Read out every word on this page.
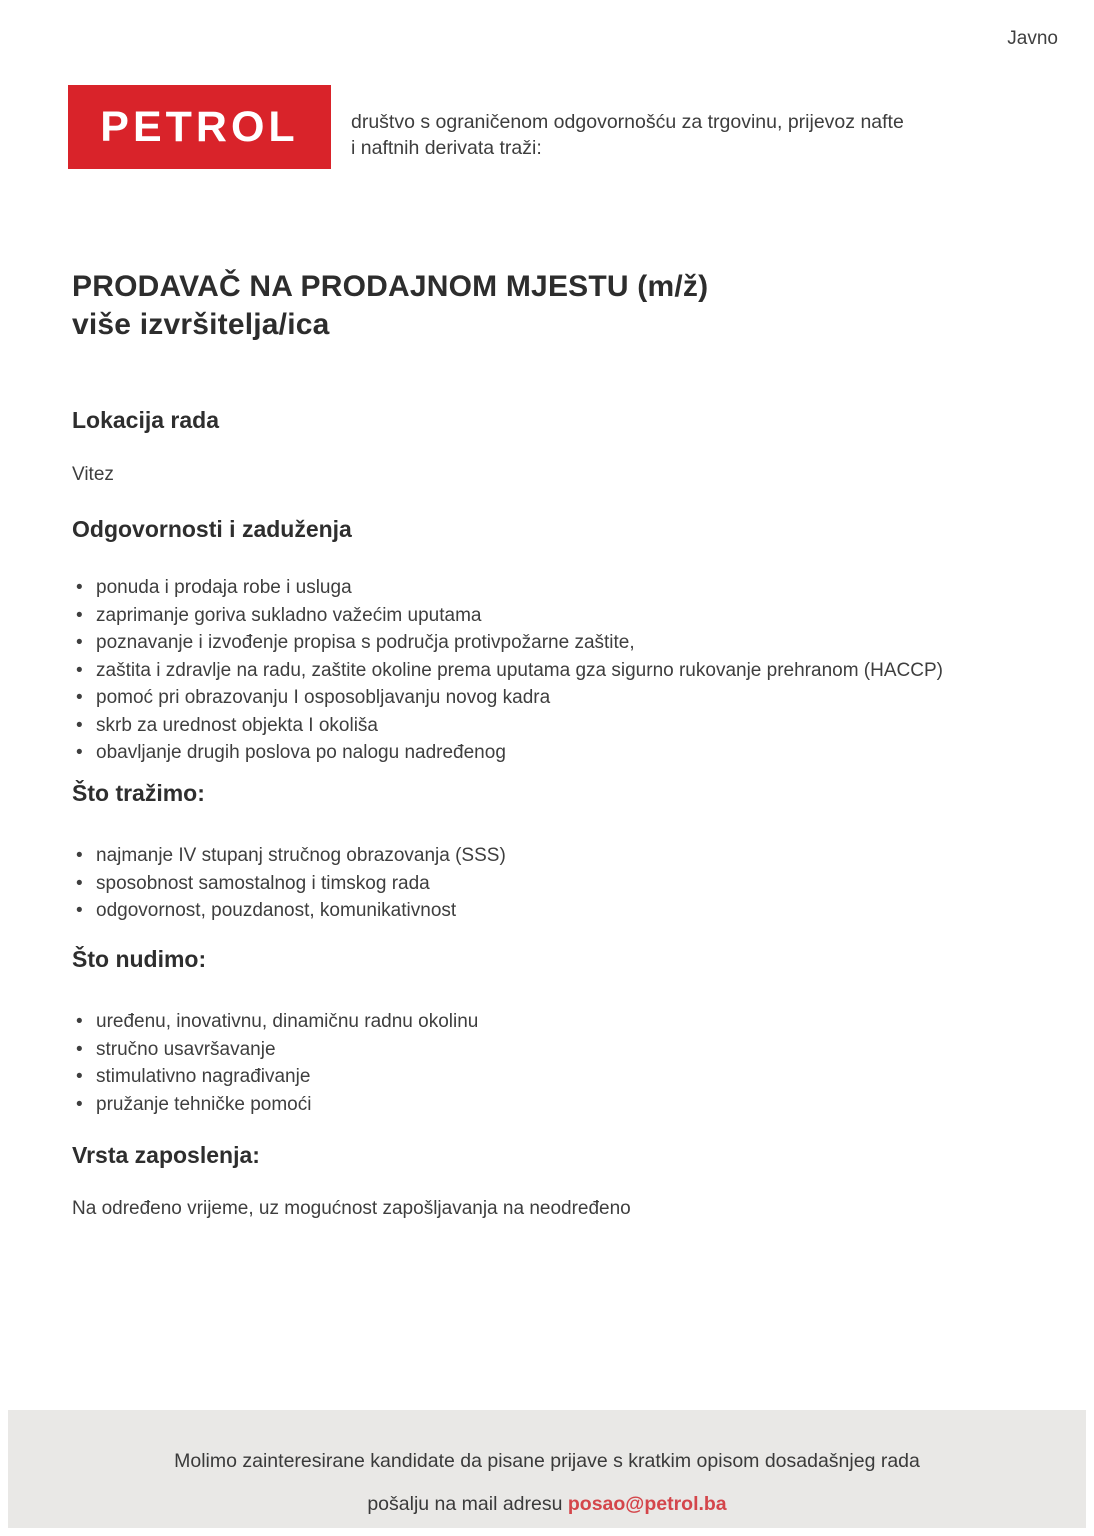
Javno
PETROL	društvo s ograničenom odgovornošću za trgovinu, prijevoz nafte
i naftnih derivata traži:
PRODAVAČ NA PRODAJNOM MJESTU (m/ž)
više izvršitelja/ica
Lokacija rada
Vitez
Odgovornosti i zaduženja
• ponuda i prodaja robe i usluga
• zaprimanje goriva sukladno važećim uputama
• poznavanje i izvođenje propisa s područja protivpožarne zaštite,
• zaštita i zdravlje na radu, zaštite okoline prema uputama gza sigurno rukovanje prehranom (HACCP)
• pomoć pri obrazovanju I osposobljavanju novog kadra
• skrb za urednost objekta I okoliša
• obavljanje drugih poslova po nalogu nadređenog
Što tražimo:
• najmanje IV stupanj stručnog obrazovanja (SSS)
• sposobnost samostalnog i timskog rada
• odgovornost, pouzdanost, komunikativnost
Što nudimo:
• uređenu, inovativnu, dinamičnu radnu okolinu
• stručno usavršavanje
• stimulativno nagrađivanje
• pružanje tehničke pomoći
Vrsta zaposlenja:
Na određeno vrijeme, uz mogućnost zapošljavanja na neodređeno
Molimo zainteresirane kandidate da pisane prijave s kratkim opisom dosadašnjeg rada
pošalju na mail adresu posao@petrol.ba
